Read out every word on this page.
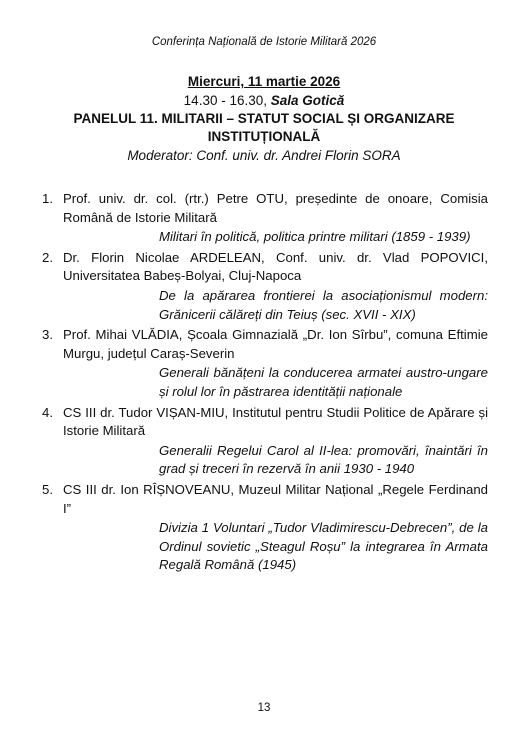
Conferința Națională de Istorie Militară 2026
Miercuri, 11 martie 2026
14.30 - 16.30, Sala Gotică
PANELUL 11. MILITARII – STATUT SOCIAL ȘI ORGANIZARE INSTITUȚIONALĂ
Moderator: Conf. univ. dr. Andrei Florin SORA
1. Prof. univ. dr. col. (rtr.) Petre OTU, președinte de onoare, Comisia Română de Istorie Militară
Militari în politică, politica printre militari (1859 - 1939)
2. Dr. Florin Nicolae ARDELEAN, Conf. univ. dr. Vlad POPOVICI, Universitatea Babeș-Bolyai, Cluj-Napoca
De la apărarea frontierei la asociaționismul modern: Grănicerii călăreți din Teiuș (sec. XVII - XIX)
3. Prof. Mihai VLĂDIA, Școala Gimnazială „Dr. Ion Sîrbu”, comuna Eftimie Murgu, județul Caraș-Severin
Generali bănățeni la conducerea armatei austro-ungare și rolul lor în păstrarea identității naționale
4. CS III dr. Tudor VIȘAN-MIU, Institutul pentru Studii Politice de Apărare și Istorie Militară
Generalii Regelui Carol al II-lea: promovări, înaintări în grad și treceri în rezervă în anii 1930 - 1940
5. CS III dr. Ion RÎȘNOVEANU, Muzeul Militar Național „Regele Ferdinand I”
Divizia 1 Voluntari „Tudor Vladimirescu-Debrecen”, de la Ordinul sovietic „Steagul Roșu” la integrarea în Armata Regală Română (1945)
13
